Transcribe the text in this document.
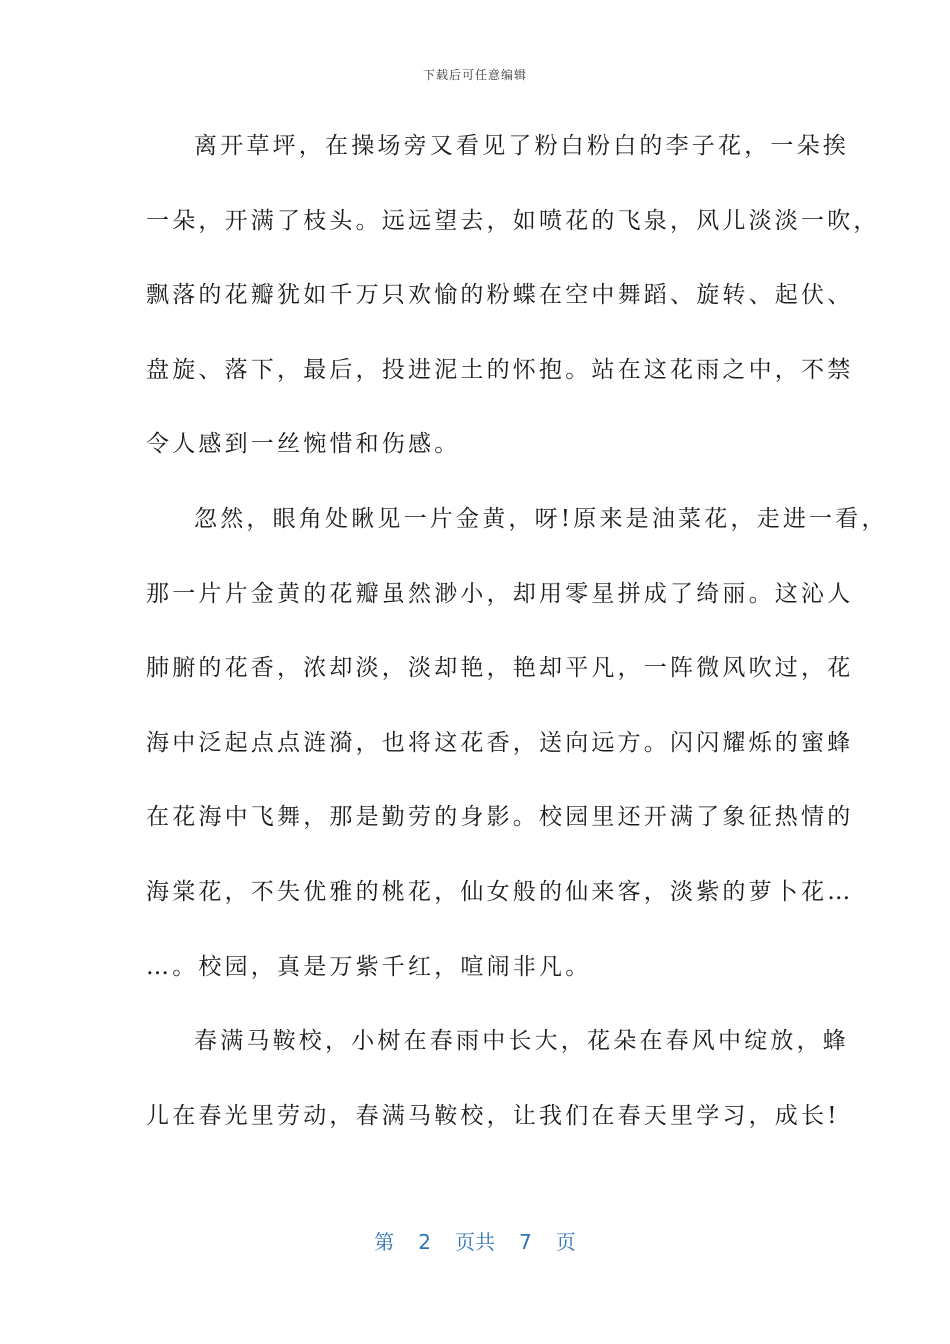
下载后可任意编辑
离开草坪，在操场旁又看见了粉白粉白的李子花，一朵挨
一朵，开满了枝头。远远望去，如喷花的飞泉，风儿淡淡一吹，
飘落的花瓣犹如千万只欢愉的粉蝶在空中舞蹈、旋转、起伏、
盘旋、落下，最后，投进泥土的怀抱。站在这花雨之中，不禁
令人感到一丝惋惜和伤感。
忽然，眼角处瞅见一片金黄，呀!原来是油菜花，走进一看，
那一片片金黄的花瓣虽然渺小，却用零星拼成了绮丽。这沁人
肺腑的花香，浓却淡，淡却艳，艳却平凡，一阵微风吹过，花
海中泛起点点涟漪，也将这花香，送向远方。闪闪耀烁的蜜蜂
在花海中飞舞，那是勤劳的身影。校园里还开满了象征热情的
海棠花，不失优雅的桃花，仙女般的仙来客，淡紫的萝卜花…
…。校园，真是万紫千红，喧闹非凡。
春满马鞍校，小树在春雨中长大，花朵在春风中绽放，蜂
儿在春光里劳动，春满马鞍校，让我们在春天里学习，成长!
第 2 页共 7 页
